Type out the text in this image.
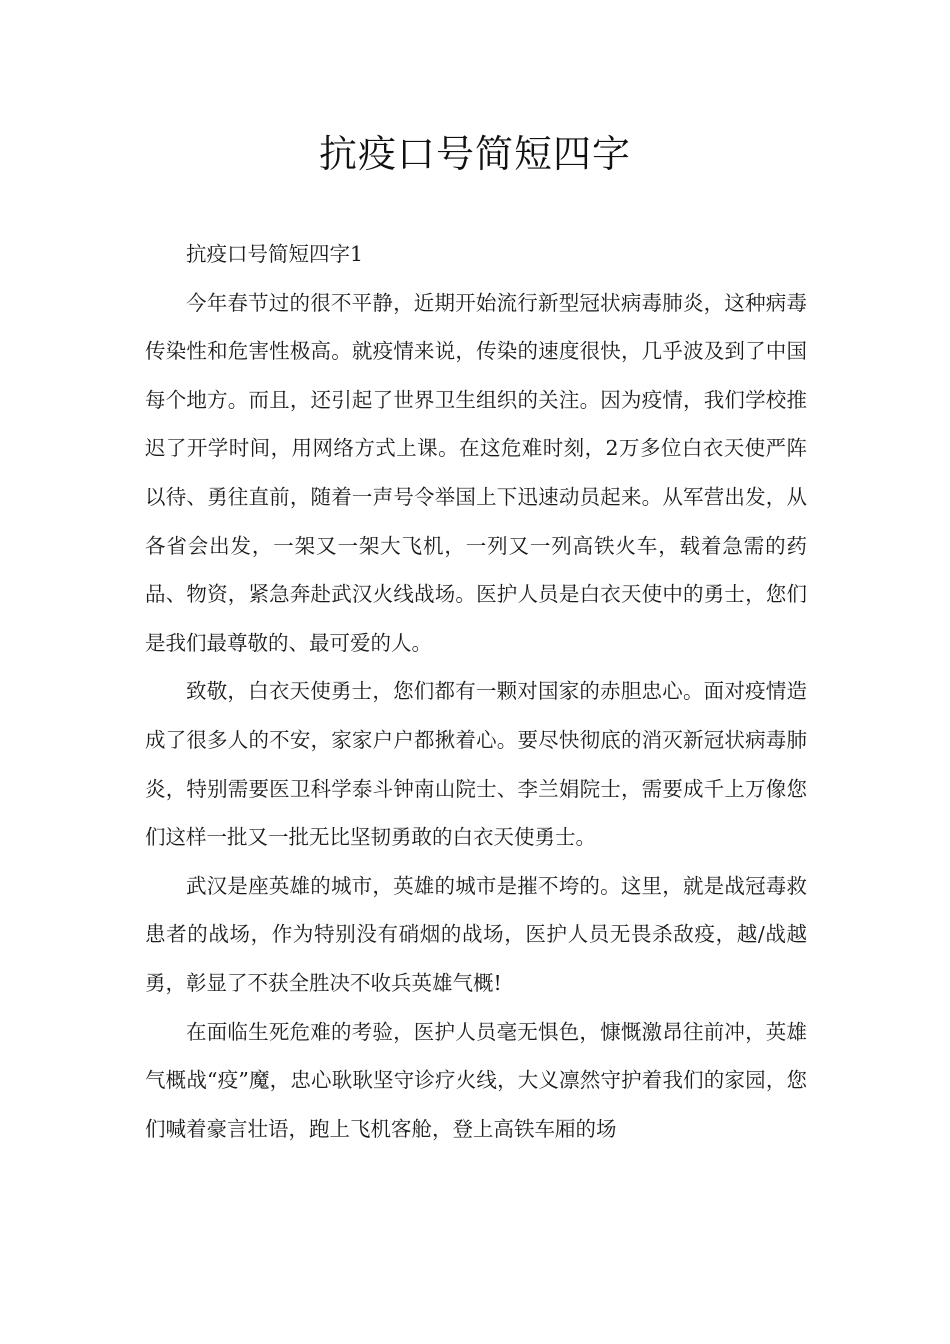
抗疫口号简短四字

抗疫口号简短四字1

今年春节过的很不平静，近期开始流行新型冠状病毒肺炎，这种病毒传染性和危害性极高。就疫情来说，传染的速度很快，几乎波及到了中国每个地方。而且，还引起了世界卫生组织的关注。因为疫情，我们学校推迟了开学时间，用网络方式上课。在这危难时刻，2万多位白衣天使严阵以待、勇往直前，随着一声号令举国上下迅速动员起来。从军营出发，从各省会出发，一架又一架大飞机，一列又一列高铁火车，载着急需的药品、物资，紧急奔赴武汉火线战场。医护人员是白衣天使中的勇士，您们是我们最尊敬的、最可爱的人。

致敬，白衣天使勇士，您们都有一颗对国家的赤胆忠心。面对疫情造成了很多人的不安，家家户户都揪着心。要尽快彻底的消灭新冠状病毒肺炎，特别需要医卫科学泰斗钟南山院士、李兰娟院士，需要成千上万像您们这样一批又一批无比坚韧勇敢的白衣天使勇士。

武汉是座英雄的城市，英雄的城市是摧不垮的。这里，就是战冠毒救患者的战场，作为特别没有硝烟的战场，医护人员无畏杀敌疫，越/战越勇，彰显了不获全胜决不收兵英雄气概!

在面临生死危难的考验，医护人员毫无惧色，慷慨激昂往前冲，英雄气概战“疫”魔，忠心耿耿坚守诊疗火线，大义凛然守护着我们的家园，您们喊着豪言壮语，跑上飞机客舱，登上高铁车厢的场
